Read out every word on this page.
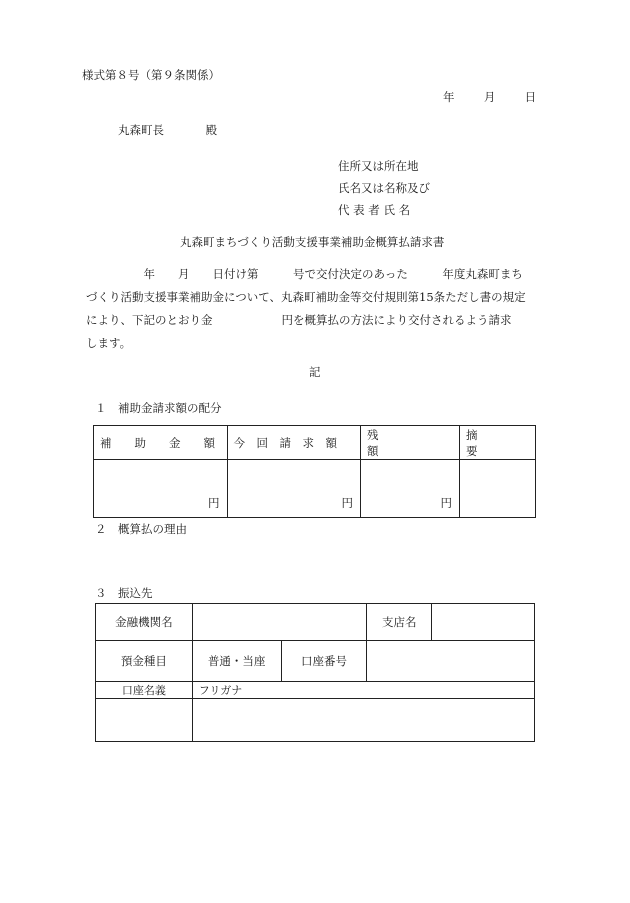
様式第８号（第９条関係）
年	月	日
丸森町長	殿
住所又は所在地
氏名又は名称及び
代 表 者 氏 名
丸森町まちづくり活動支援事業補助金概算払請求書
　　　　　年　　月　　日付け第　　　号で交付決定のあった　　　年度丸森町まち
づくり活動支援事業補助金について、丸森町補助金等交付規則第15条ただし書の規定
により、下記のとおり金　　　　　　円を概算払の方法により交付されるよう請求
します。
記
１　補助金請求額の配分
補　　助　　金　　額	今　回　請　求　額	残　　　　　　額	摘　　　　　要
円	円	円	
２　概算払の理由
３　振込先
金融機関名			支店名	
預金種目	普通・当座	口座番号		
口座名義	フリガナ			
